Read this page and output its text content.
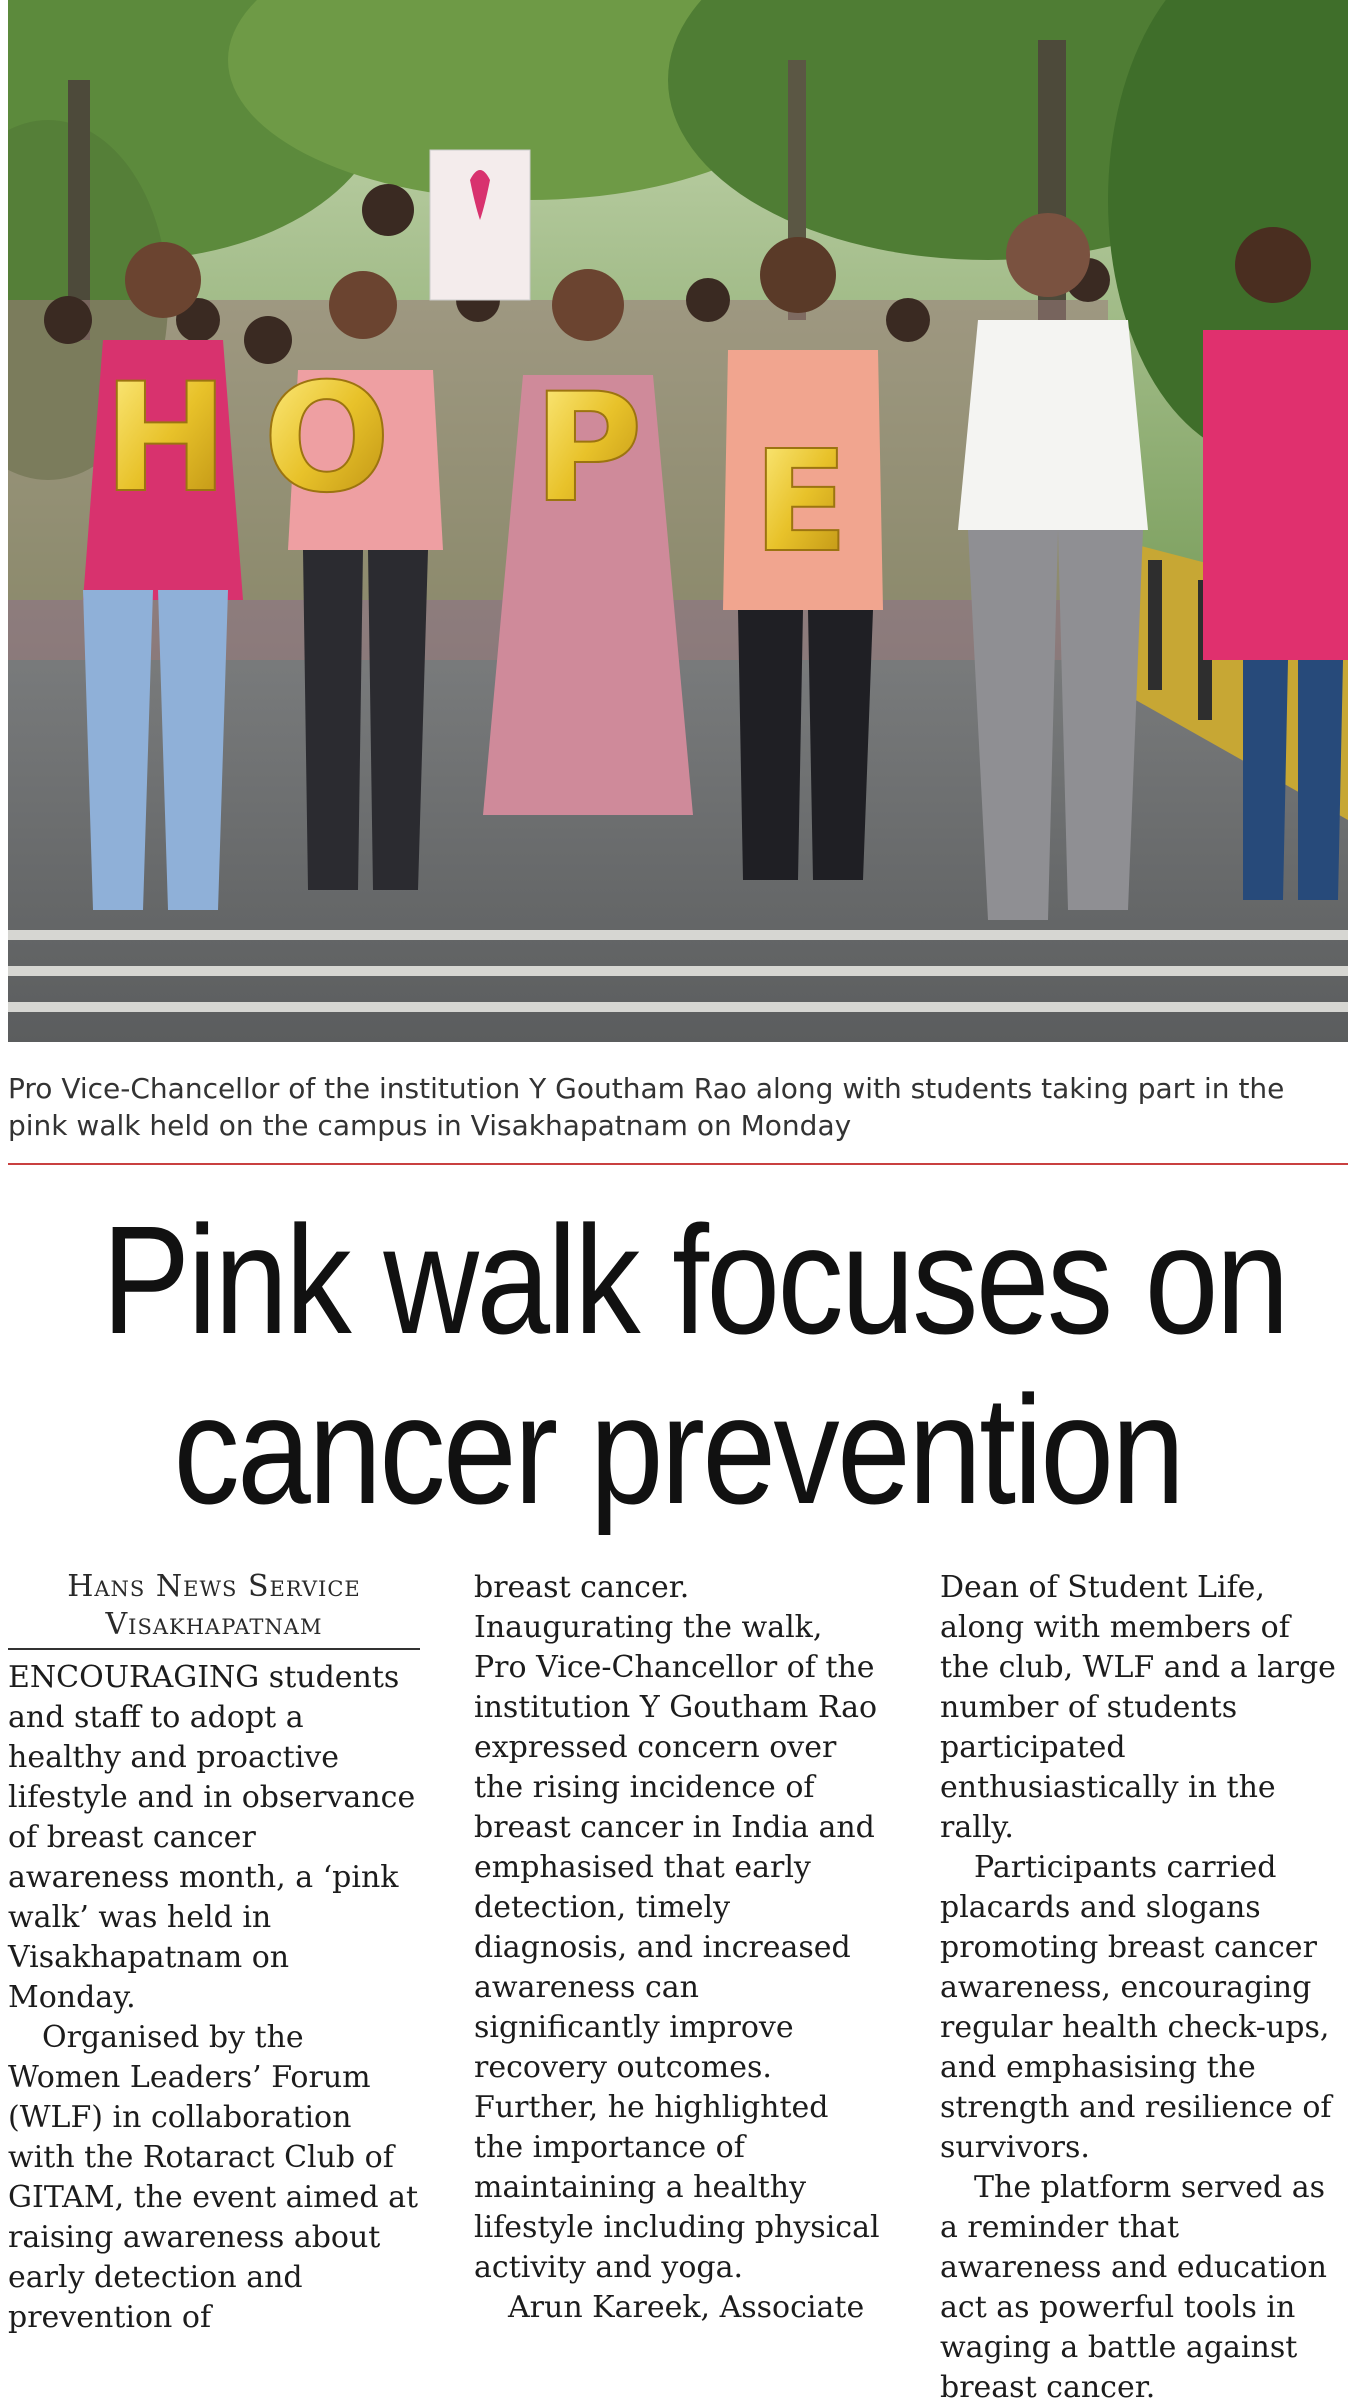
H O P E
Pro Vice-Chancellor of the institution Y Goutham Rao along with students taking part in the pink walk held on the campus in Visakhapatnam on Monday
Pink walk focuses on
cancer prevention
Hans News Service
Visakhapatnam

ENCOURAGING students and staff to adopt a healthy and proactive lifestyle and in observance of breast cancer awareness month, a ‘pink walk’ was held in Visakhapatnam on Monday.

Organised by the Women Leaders’ Forum (WLF) in collaboration with the Rotaract Club of GITAM, the event aimed at raising awareness about early detection and prevention of

breast cancer. Inaugurating the walk, Pro Vice-Chancellor of the institution Y Goutham Rao expressed concern over the rising incidence of breast cancer in India and emphasised that early detection, timely diagnosis, and increased awareness can significantly improve recovery outcomes. Further, he highlighted the importance of maintaining a healthy lifestyle including physical activity and yoga.

Arun Kareek, Associate

Dean of Student Life, along with members of the club, WLF and a large number of students participated enthusiastically in the rally.

Participants carried placards and slogans promoting breast cancer awareness, encouraging regular health check-ups, and emphasising the strength and resilience of survivors.

The platform served as a reminder that awareness and education act as powerful tools in waging a battle against breast cancer.
